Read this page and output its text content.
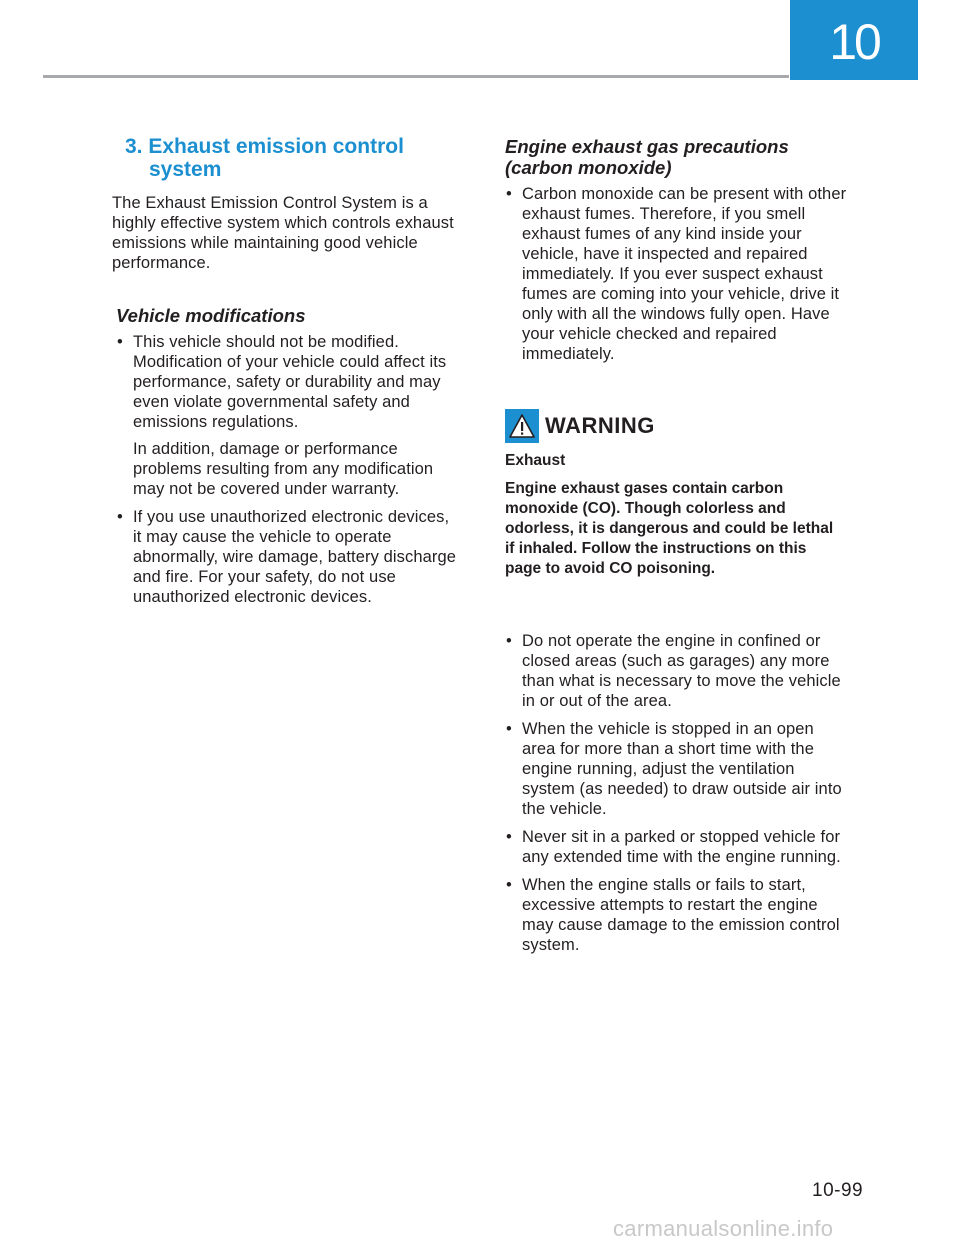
10
3. Exhaust emission control
system

The Exhaust Emission Control System is a highly effective system which controls exhaust emissions while maintaining good vehicle performance.

Vehicle modifications
• This vehicle should not be modified. Modification of your vehicle could affect its performance, safety or durability and may even violate governmental safety and emissions regulations.
In addition, damage or performance problems resulting from any modification may not be covered under warranty.
• If you use unauthorized electronic devices, it may cause the vehicle to operate abnormally, wire damage, battery discharge and fire. For your safety, do not use unauthorized electronic devices.
Engine exhaust gas precautions
(carbon monoxide)
• Carbon monoxide can be present with other exhaust fumes. Therefore, if you smell exhaust fumes of any kind inside your vehicle, have it inspected and repaired immediately. If you ever suspect exhaust fumes are coming into your vehicle, drive it only with all the windows fully open. Have your vehicle checked and repaired immediately.
WARNING

Exhaust

Engine exhaust gases contain carbon monoxide (CO). Though colorless and odorless, it is dangerous and could be lethal if inhaled. Follow the instructions on this page to avoid CO poisoning.

• Do not operate the engine in confined or closed areas (such as garages) any more than what is necessary to move the vehicle in or out of the area.
• When the vehicle is stopped in an open area for more than a short time with the engine running, adjust the ventilation system (as needed) to draw outside air into the vehicle.
• Never sit in a parked or stopped vehicle for any extended time with the engine running.
• When the engine stalls or fails to start, excessive attempts to restart the engine may cause damage to the emission control system.
10-99
carmanualsonline.info
